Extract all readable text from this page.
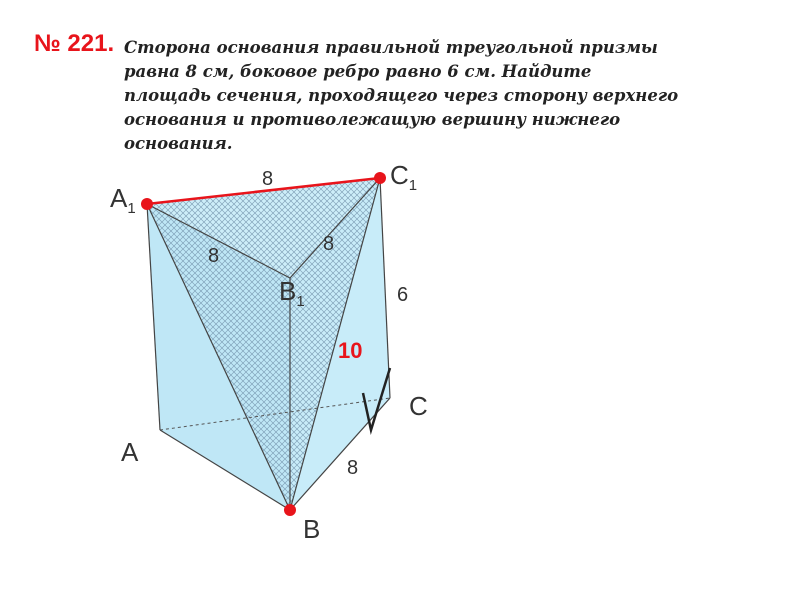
№ 221. Сторона основания правильной треугольной призмы
равна 8 см, боковое ребро равно 6 см. Найдите
площадь сечения, проходящего через сторону верхнего
основания и противолежащую вершину нижнего
основания.
$A_1$
$C_1$
$B_1$
A
B
C
8
8
8
6
8
10
